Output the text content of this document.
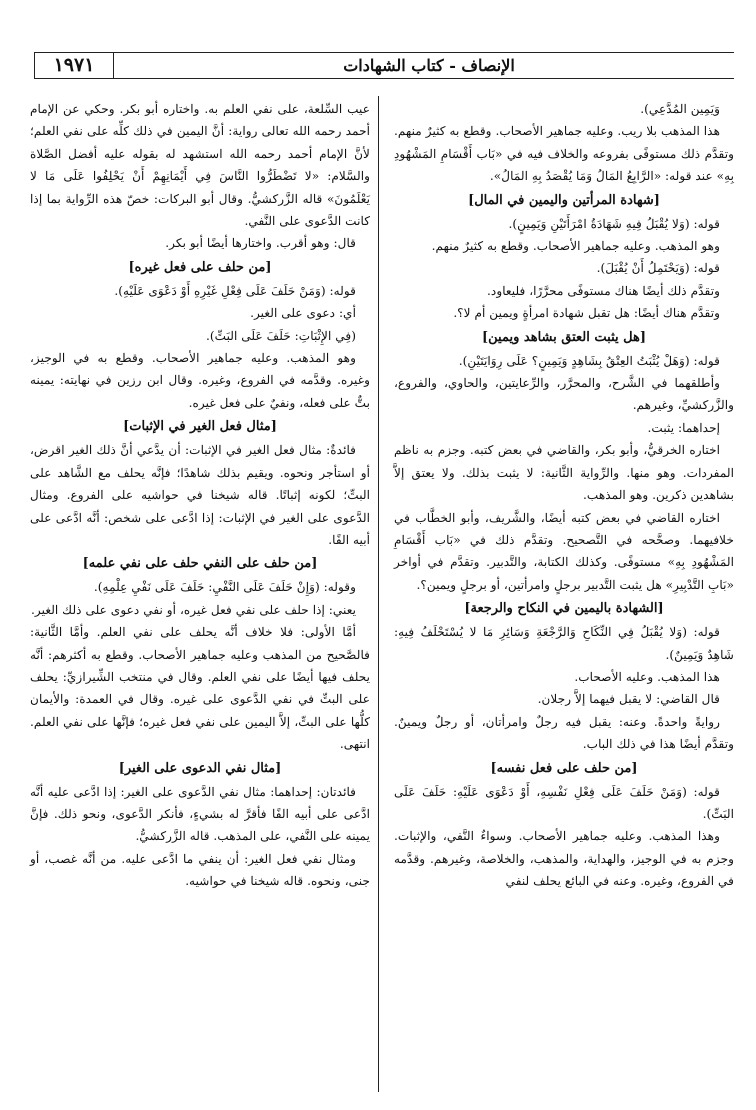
الإنصاف - كتاب الشهادات
١٩٧١

وَيَمِين المُدَّعِي).

هذا المذهب بلا ريب. وعليه جماهير الأصحاب. وقطع به كثيرٌ منهم. وتقدَّم ذلك مستوفًى بفروعه والخلاف فيه في «بَاب أَقْسَامِ المَشْهُودِ بِهِ» عند قوله: «الرَّابِعُ المَالُ وَمَا يُقْصَدُ بِهِ المَالُ».

[شهادة المرأتين واليمين في المال]

قوله: (وَلا يُقْبَلُ فِيهِ شَهَادَةُ امْرَأَتَيْنِ وَيَمِينٍ).

وهو المذهب. وعليه جماهير الأصحاب. وقطع به كثيرٌ منهم.

قوله: (وَيَحْتَمِلُ أَنْ يُقْبَلَ).

وتقدَّم ذلك أيضًا هناك مستوفًى محرَّرًا، فليعاود.

وتقدَّم هناك أيضًا: هل تقبل شهادة امرأةٍ ويمين أم لا؟.

[هل يثبت العتق بشاهد ويمين]

قوله: (وَهَلْ يُثْبَتُ العِتْقُ بِشَاهِدٍ وَيَمِينٍ؟ عَلَى رِوَايَتَيْنِ).

وأطلقهما في الشَّرح، والمحرَّر، والرِّعايتين، والحاوي، والفروع، والزَّركشيِّ، وغيرهم.

إحداهما: يثبت.

اختاره الخرقيُّ، وأبو بكر، والقاضي في بعض كتبه. وجزم به ناظم المفردات. وهو منها. والرِّواية الثَّانية: لا يثبت بذلك. ولا يعتق إلاَّ بشاهدين ذكرين. وهو المذهب.

اختاره القاضي في بعض كتبه أيضًا، والشَّريف، وأبو الخطَّاب في خلافيهما. وصحَّحه في التَّصحيح. وتقدَّم ذلك في «بَاب أَقْسَامِ المَشْهُودِ بِهِ» مستوفًى. وكذلك الكتابة، والتَّدبير. وتقدَّم في أواخر «بَابِ التَّدْبِيرِ» هل يثبت التَّدبير برجلٍ وامرأتين، أو برجلٍ ويمين؟.

[الشهادة باليمين في النكاح والرجعة]

قوله: (وَلا يُقْبَلُ فِي النِّكَاحِ وَالرَّجْعَةِ وَسَائِرِ مَا لا يُسْتَحْلَفُ فِيهِ: شَاهِدٌ وَيَمِينٌ).

هذا المذهب. وعليه الأصحاب.

قال القاضي: لا يقبل فيهما إلاَّ رجلان.

روايةً واحدةً. وعنه: يقبل فيه رجلٌ وامرأتان، أو رجلٌ ويمينٌ. وتقدَّم أيضًا هذا في ذلك الباب.

[من حلف على فعل نفسه]

قوله: (وَمَنْ حَلَفَ عَلَى فِعْلِ نَفْسِهِ، أَوْ دَعْوَى عَلَيْهِ: حَلَفَ عَلَى البَتِّ).

وهذا المذهب. وعليه جماهير الأصحاب. وسواءٌ النَّفي، والإثبات. وجزم به في الوجيز، والهداية، والمذهب، والخلاصة، وغيرهم. وقدَّمه في الفروع، وغيره. وعنه في البائع يحلف لنفي

عيب السِّلعة، على نفي العلم به. واختاره أبو بكر. وحكي عن الإمام أحمد رحمه الله تعالى رواية: أنَّ اليمين في ذلك كلِّه على نفي العلم؛ لأنَّ الإمام أحمد رحمه الله استشهد له بقوله عليه أفضل الصَّلاة والسَّلام: «لا تَضْطَرُّوا النَّاسَ فِي أَيْمَانِهِمْ أَنْ يَحْلِفُوا عَلَى مَا لا يَعْلَمُونَ» قاله الزَّركشيُّ. وقال أبو البركات: خصّ هذه الرِّواية بما إذا كانت الدَّعوى على النَّفي.

قال: وهو أقرب. واختارها أيضًا أبو بكر.

[من حلف على فعل غيره]

قوله: (وَمَنْ حَلَفَ عَلَى فِعْلِ غَيْرِهِ أَوْ دَعْوَى عَلَيْهِ).

أي: دعوى على الغير.

(فِي الإِثْبَاتِ: حَلَفَ عَلَى البَتِّ).

وهو المذهب. وعليه جماهير الأصحاب. وقطع به في الوجيز، وغيره. وقدَّمه في الفروع، وغيره. وقال ابن رزين في نهايته: يمينه بتٌّ على فعله، ونفيٌ على فعل غيره.

[مثال فعل الغير في الإثبات]

فائدةٌ: مثال فعل الغير في الإثبات: أن يدَّعي أنَّ ذلك الغير اقرض، أو استأجر ونحوه. ويقيم بذلك شاهدًا؛ فإنَّه يحلف مع الشَّاهد على البتِّ؛ لكونه إثباتًا. قاله شيخنا في حواشيه على الفروع. ومثال الدَّعوى على الغير في الإثبات: إذا ادَّعى على شخص: أنَّه ادَّعى على أبيه الفًا.

[من حلف على النفي حلف على نفي علمه]

وقوله: (وَإِنْ حَلَفَ عَلَى النَّفْيِ: حَلَفَ عَلَى نَفْيِ عِلْمِهِ).

يعني: إذا حلف على نفي فعل غيره، أو نفي دعوى على ذلك الغير.

أمَّا الأولى: فلا خلاف أنَّه يحلف على نفي العلم. وأمَّا الثَّانية: فالصَّحيح من المذهب وعليه جماهير الأصحاب. وقطع به أكثرهم: أنَّه يحلف فيها أيضًا على نفي العلم. وقال في منتخب الشِّيرازيِّ: يحلف على البتِّ في نفي الدَّعوى على غيره. وقال في العمدة: والأيمان كلُّها على البتِّ، إلاَّ اليمين على نفي فعل غيره؛ فإنَّها على نفي العلم. انتهى.

[مثال نفي الدعوى على الغير]

فائدتان: إحداهما: مثال نفي الدَّعوى على الغير: إذا ادَّعى عليه أنَّه ادَّعى على أبيه الفًا فأقرَّ له بشيءٍ، فأنكر الدَّعوى، ونحو ذلك. فإنَّ يمينه على النَّفي، على المذهب. قاله الزَّركشيُّ.

ومثال نفي فعل الغير: أن ينفي ما ادَّعى عليه. من أنَّه غصب، أو جنى، ونحوه. قاله شيخنا في حواشيه.
